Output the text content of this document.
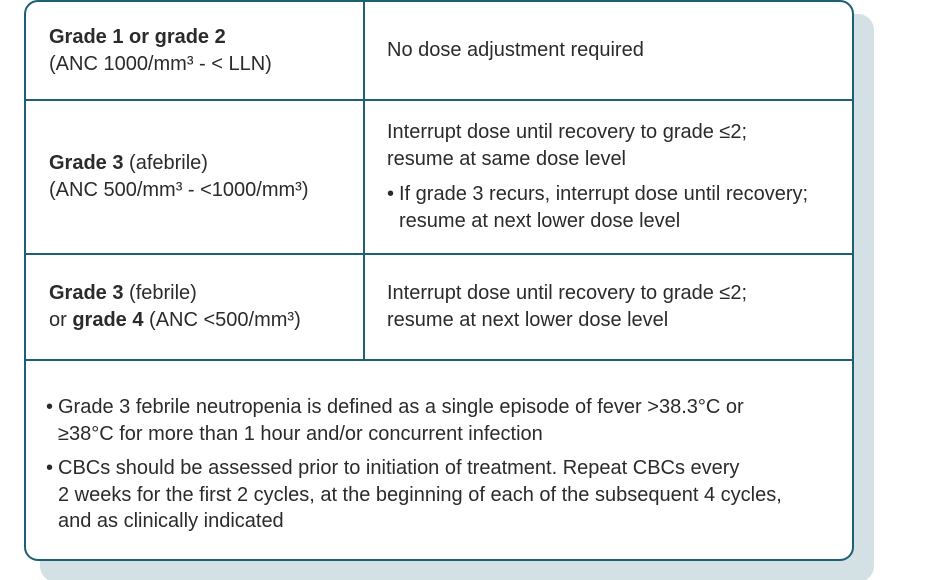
Grade 1 or grade 2
(ANC 1000/mm³ - < LLN)
No dose adjustment required
Grade 3 (afebrile)
(ANC 500/mm³ - <1000/mm³)
Interrupt dose until recovery to grade ≤2;
resume at same dose level
• If grade 3 recurs, interrupt dose until recovery;
resume at next lower dose level
Grade 3 (febrile)
or grade 4 (ANC <500/mm³)
Interrupt dose until recovery to grade ≤2;
resume at next lower dose level
• Grade 3 febrile neutropenia is defined as a single episode of fever >38.3°C or
≥38°C for more than 1 hour and/or concurrent infection
• CBCs should be assessed prior to initiation of treatment. Repeat CBCs every
2 weeks for the first 2 cycles, at the beginning of each of the subsequent 4 cycles,
and as clinically indicated
